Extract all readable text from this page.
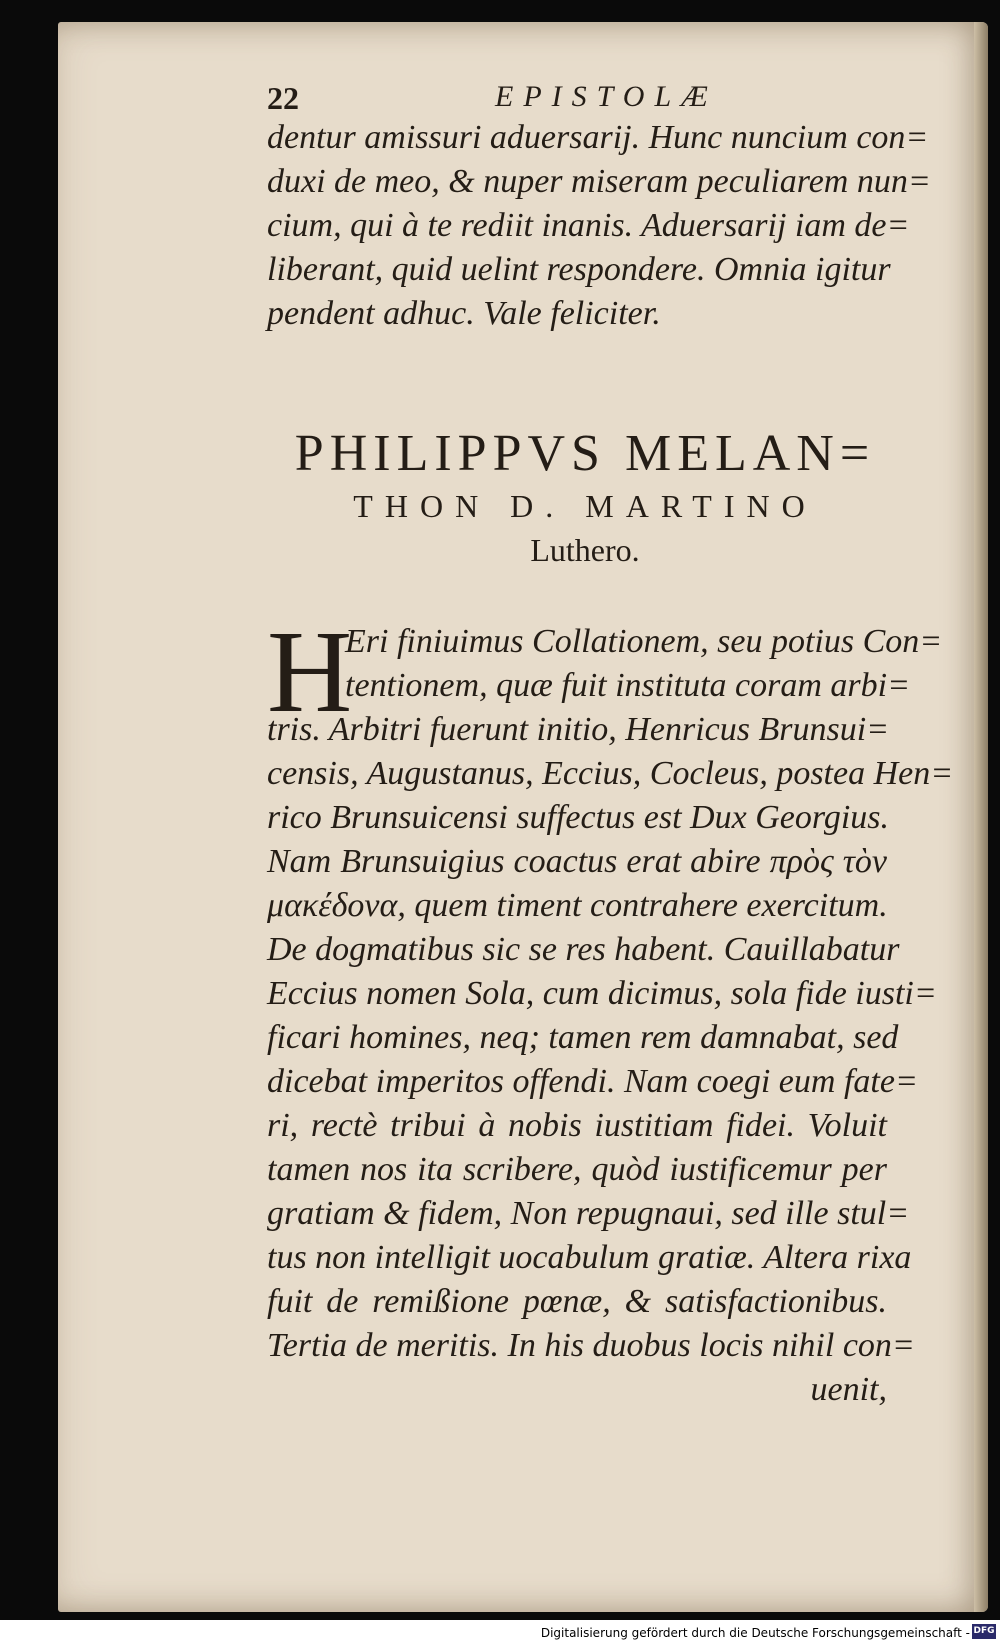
22	EPISTOLÆ
dentur amissuri aduersarij. Hunc nuncium con=
duxi de meo, & nuper miseram peculiarem nun=
cium, qui à te rediit inanis. Aduersarij iam de=
liberant, quid uelint respondere. Omnia igitur
pendent adhuc. Vale feliciter.
PHILIPPVS MELAN=
THON D. MARTINO
Luthero.
H
Eri finiuimus Collationem, seu potius Con=
tentionem, quæ fuit instituta coram arbi=
tris. Arbitri fuerunt initio, Henricus Brunsui=
censis, Augustanus, Eccius, Cocleus, postea Hen=
rico Brunsuicensi suffectus est Dux Georgius.
Nam Brunsuigius coactus erat abire πρὸς τὸν
μακέδονα, quem timent contrahere exercitum.
De dogmatibus sic se res habent. Cauillabatur
Eccius nomen Sola, cum dicimus, sola fide iusti=
ficari homines, neq; tamen rem damnabat, sed
dicebat imperitos offendi. Nam coegi eum fate=
ri, rectè tribui à nobis iustitiam fidei. Voluit
tamen nos ita scribere, quòd iustificemur per
gratiam & fidem, Non repugnaui, sed ille stul=
tus non intelligit uocabulum gratiæ. Altera rixa
fuit de remißione pœnæ, & satisfactionibus.
Tertia de meritis. In his duobus locis nihil con=
uenit,
Digitalisierung gefördert durch die Deutsche Forschungsgemeinschaft - DFG
